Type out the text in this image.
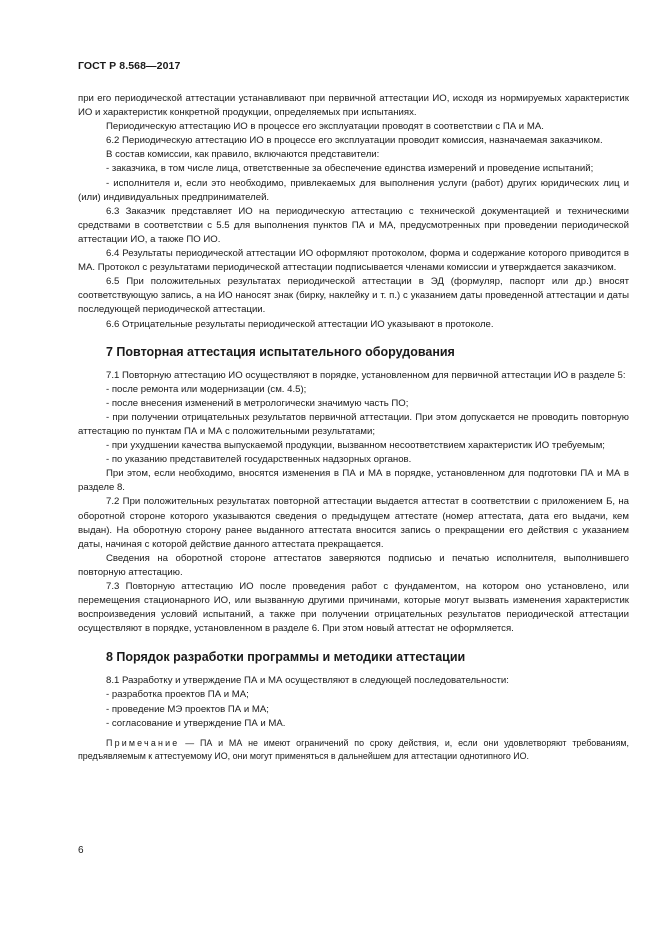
ГОСТ Р 8.568—2017

при его периодической аттестации устанавливают при первичной аттестации ИО, исходя из нормируемых характеристик ИО и характеристик конкретной продукции, определяемых при испытаниях.

Периодическую аттестацию ИО в процессе его эксплуатации проводят в соответствии с ПА и МА.

6.2 Периодическую аттестацию ИО в процессе его эксплуатации проводит комиссия, назначаемая заказчиком.

В состав комиссии, как правило, включаются представители:

- заказчика, в том числе лица, ответственные за обеспечение единства измерений и проведение испытаний;

- исполнителя и, если это необходимо, привлекаемых для выполнения услуги (работ) других юридических лиц и (или) индивидуальных предпринимателей.

6.3 Заказчик представляет ИО на периодическую аттестацию с технической документацией и техническими средствами в соответствии с 5.5 для выполнения пунктов ПА и МА, предусмотренных при проведении периодической аттестации ИО, а также ПО ИО.

6.4 Результаты периодической аттестации ИО оформляют протоколом, форма и содержание которого приводится в МА. Протокол с результатами периодической аттестации подписывается членами комиссии и утверждается заказчиком.

6.5 При положительных результатах периодической аттестации в ЭД (формуляр, паспорт или др.) вносят соответствующую запись, а на ИО наносят знак (бирку, наклейку и т. п.) с указанием даты проведенной аттестации и даты последующей периодической аттестации.

6.6 Отрицательные результаты периодической аттестации ИО указывают в протоколе.

7 Повторная аттестация испытательного оборудования

7.1 Повторную аттестацию ИО осуществляют в порядке, установленном для первичной аттестации ИО в разделе 5:

- после ремонта или модернизации (см. 4.5);

- после внесения изменений в метрологически значимую часть ПО;

- при получении отрицательных результатов первичной аттестации. При этом допускается не проводить повторную аттестацию по пунктам ПА и МА с положительными результатами;

- при ухудшении качества выпускаемой продукции, вызванном несоответствием характеристик ИО требуемым;

- по указанию представителей государственных надзорных органов.

При этом, если необходимо, вносятся изменения в ПА и МА в порядке, установленном для подготовки ПА и МА в разделе 8.

7.2 При положительных результатах повторной аттестации выдается аттестат в соответствии с приложением Б, на оборотной стороне которого указываются сведения о предыдущем аттестате (номер аттестата, дата его выдачи, кем выдан). На оборотную сторону ранее выданного аттестата вносится запись о прекращении его действия с указанием даты, начиная с которой действие данного аттестата прекращается.

Сведения на оборотной стороне аттестатов заверяются подписью и печатью исполнителя, выполнившего повторную аттестацию.

7.3 Повторную аттестацию ИО после проведения работ с фундаментом, на котором оно установлено, или перемещения стационарного ИО, или вызванную другими причинами, которые могут вызвать изменения характеристик воспроизведения условий испытаний, а также при получении отрицательных результатов периодической аттестации осуществляют в порядке, установленном в разделе 6. При этом новый аттестат не оформляется.

8 Порядок разработки программы и методики аттестации

8.1 Разработку и утверждение ПА и МА осуществляют в следующей последовательности:

- разработка проектов ПА и МА;

- проведение МЭ проектов ПА и МА;

- согласование и утверждение ПА и МА.

Примечание — ПА и МА не имеют ограничений по сроку действия, и, если они удовлетворяют требованиям, предъявляемым к аттестуемому ИО, они могут применяться в дальнейшем для аттестации однотипного ИО.

6
